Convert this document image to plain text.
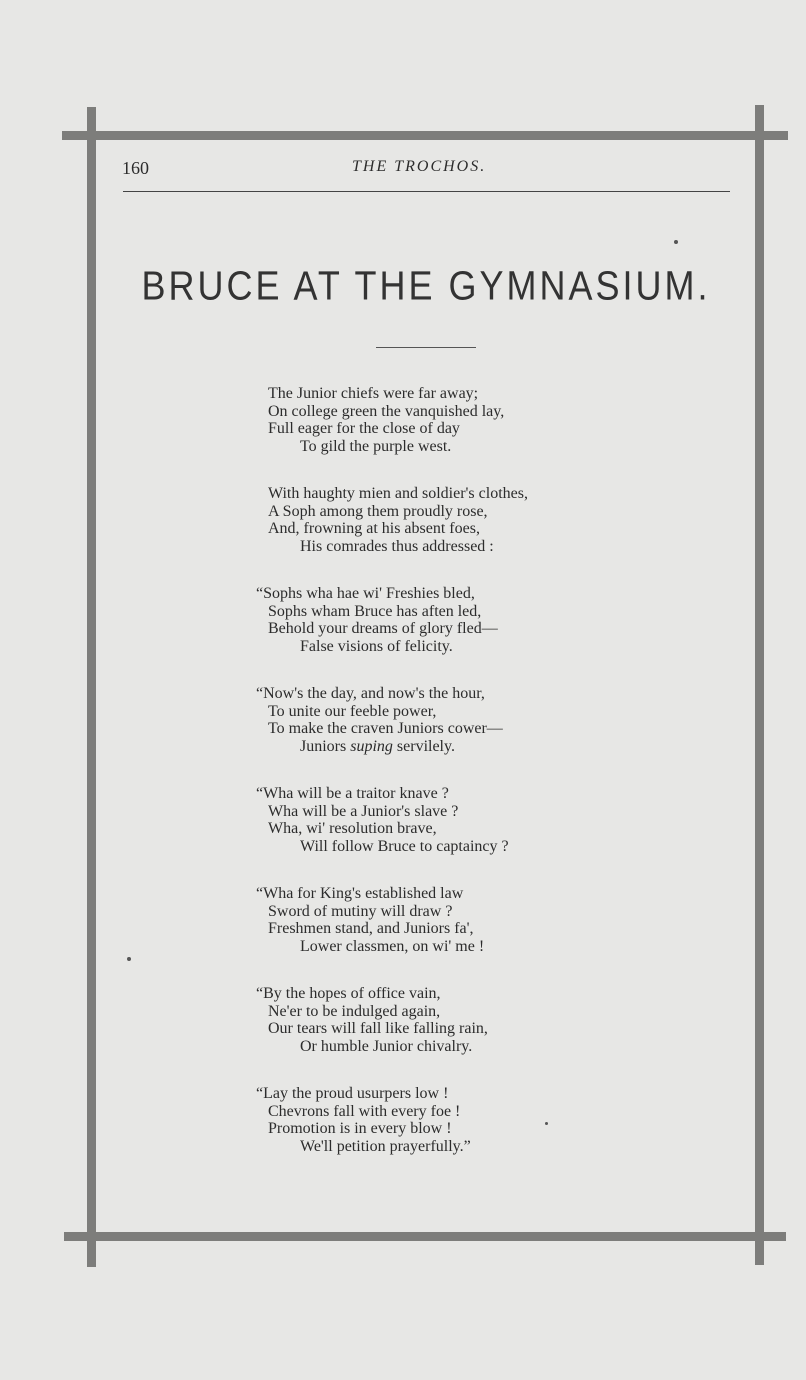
160	THE TROCHOS.
BRUCE AT THE GYMNASIUM.
The Junior chiefs were far away;
On college green the vanquished lay,
Full eager for the close of day
To gild the purple west.
With haughty mien and soldier's clothes,
A Soph among them proudly rose,
And, frowning at his absent foes,
His comrades thus addressed :
“Sophs wha hae wi' Freshies bled,
Sophs wham Bruce has aften led,
Behold your dreams of glory fled—
False visions of felicity.
“Now's the day, and now's the hour,
To unite our feeble power,
To make the craven Juniors cower—
Juniors suping servilely.
“Wha will be a traitor knave ?
Wha will be a Junior's slave ?
Wha, wi' resolution brave,
Will follow Bruce to captaincy ?
“Wha for King's established law
Sword of mutiny will draw ?
Freshmen stand, and Juniors fa',
Lower classmen, on wi' me !
“By the hopes of office vain,
Ne'er to be indulged again,
Our tears will fall like falling rain,
Or humble Junior chivalry.
“Lay the proud usurpers low !
Chevrons fall with every foe !
Promotion is in every blow !
We'll petition prayerfully.”
